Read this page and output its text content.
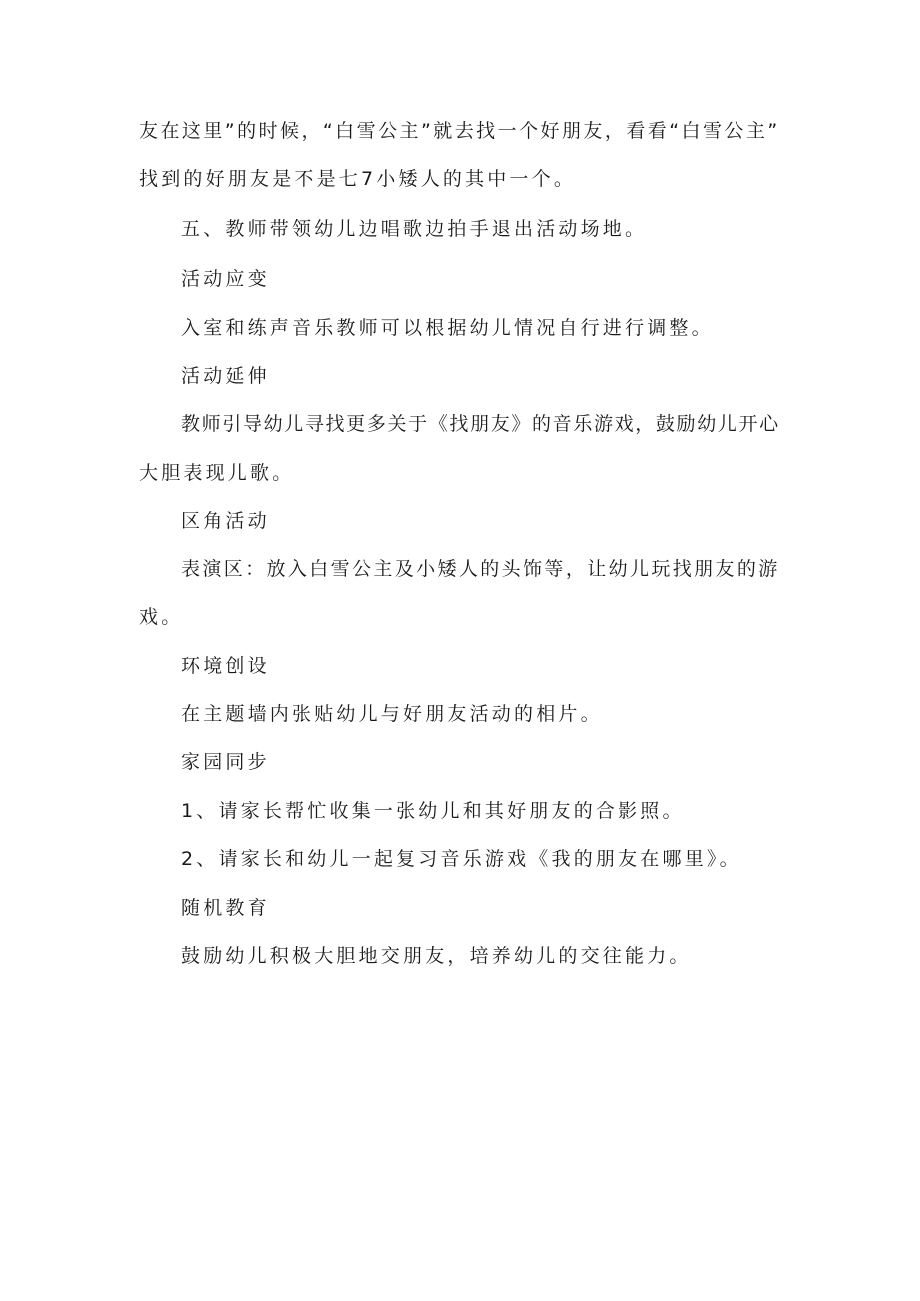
友在这里”的时候，“白雪公主”就去找一个好朋友，看看“白雪公主”
找到的好朋友是不是七7小矮人的其中一个。
五、教师带领幼儿边唱歌边拍手退出活动场地。
活动应变
入室和练声音乐教师可以根据幼儿情况自行进行调整。
活动延伸
教师引导幼儿寻找更多关于《找朋友》的音乐游戏，鼓励幼儿开心
大胆表现儿歌。
区角活动
表演区：放入白雪公主及小矮人的头饰等，让幼儿玩找朋友的游
戏。
环境创设
在主题墙内张贴幼儿与好朋友活动的相片。
家园同步
1、请家长帮忙收集一张幼儿和其好朋友的合影照。
2、请家长和幼儿一起复习音乐游戏《我的朋友在哪里》。
随机教育
鼓励幼儿积极大胆地交朋友，培养幼儿的交往能力。
